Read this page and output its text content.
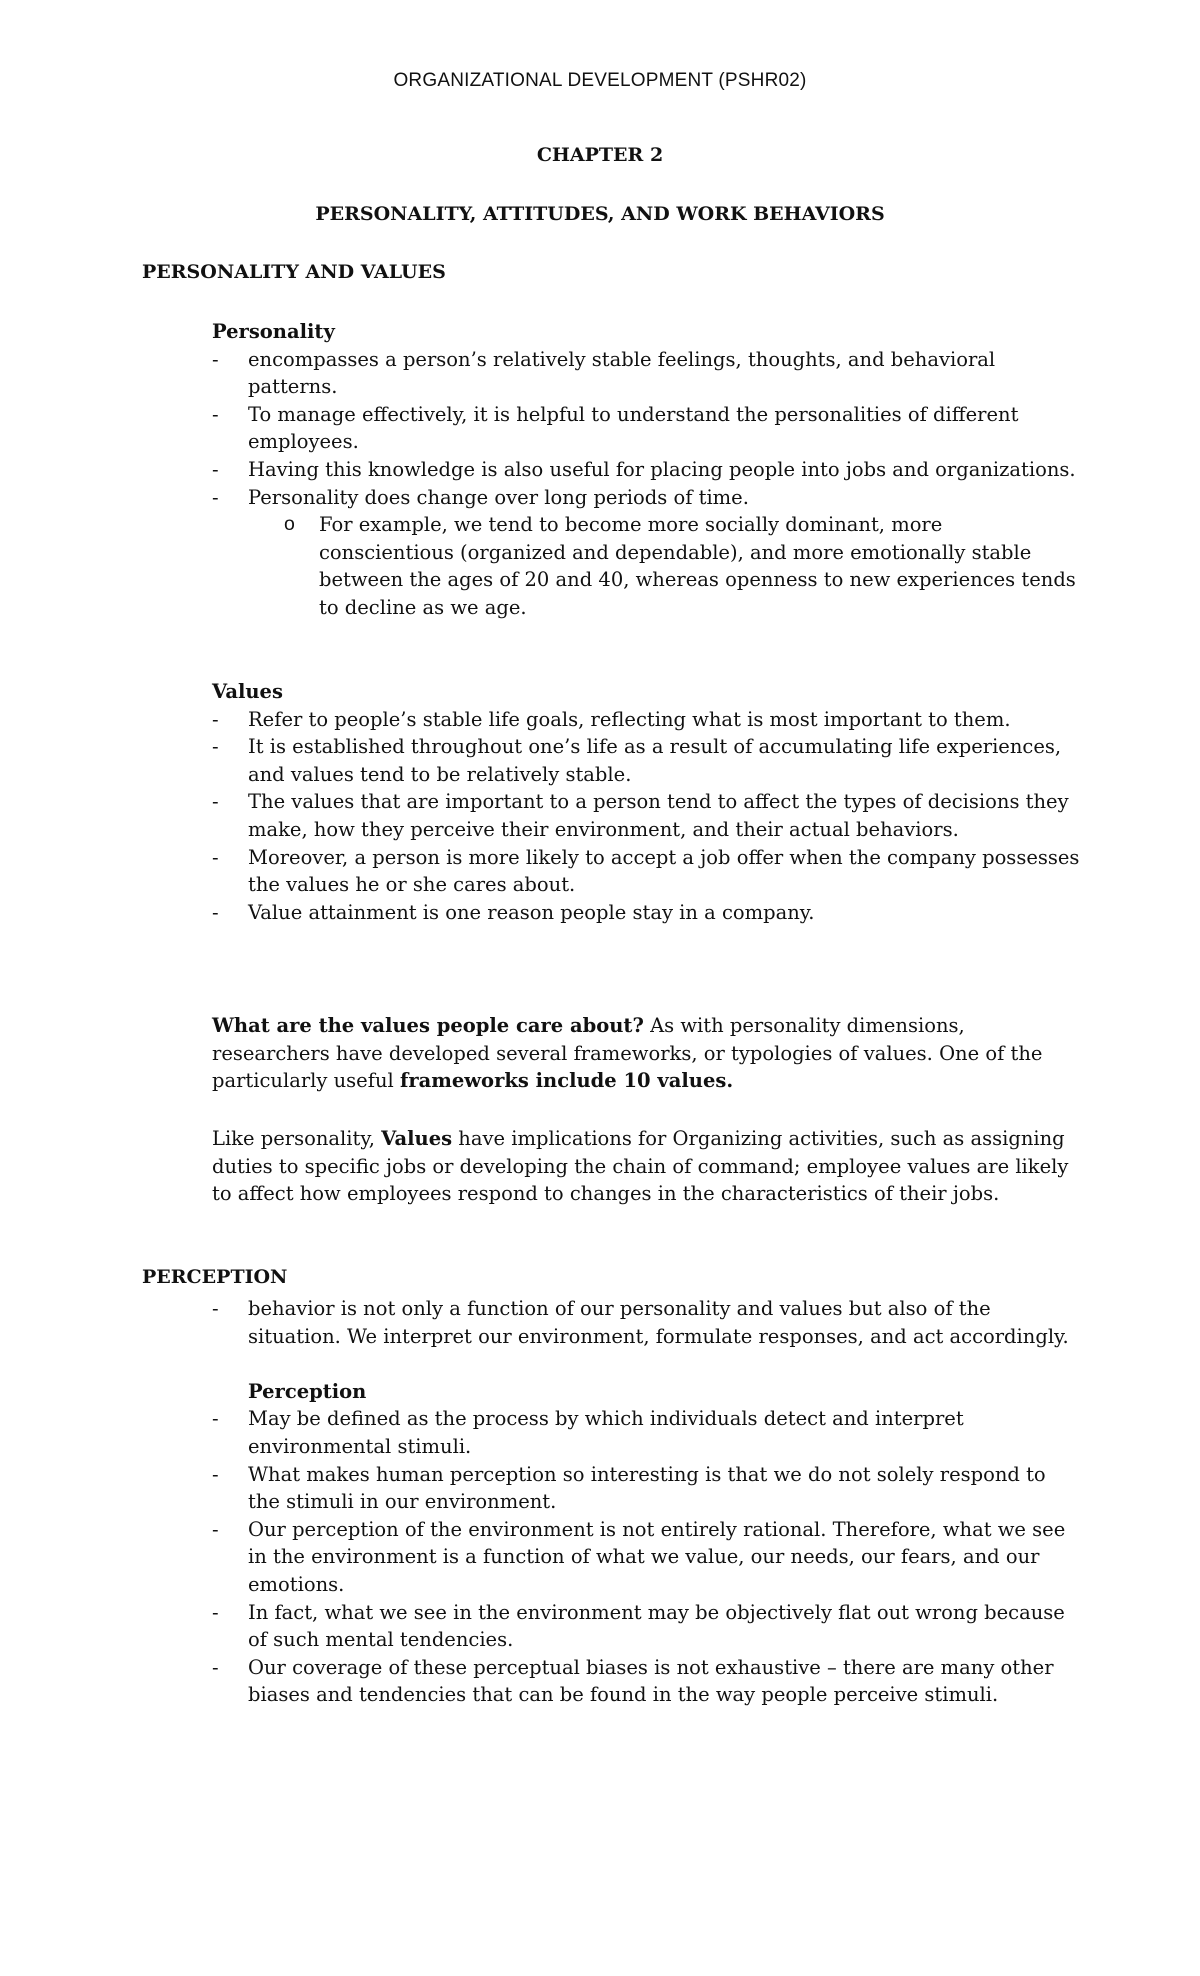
ORGANIZATIONAL DEVELOPMENT (PSHR02)
CHAPTER 2
PERSONALITY, ATTITUDES, AND WORK BEHAVIORS
PERSONALITY AND VALUES
Personality
- encompasses a person’s relatively stable feelings, thoughts, and behavioral patterns.
- To manage effectively, it is helpful to understand the personalities of different employees.
- Having this knowledge is also useful for placing people into jobs and organizations.
- Personality does change over long periods of time.
o For example, we tend to become more socially dominant, more conscientious (organized and dependable), and more emotionally stable between the ages of 20 and 40, whereas openness to new experiences tends to decline as we age.
Values
- Refer to people’s stable life goals, reflecting what is most important to them.
- It is established throughout one’s life as a result of accumulating life experiences, and values tend to be relatively stable.
- The values that are important to a person tend to affect the types of decisions they make, how they perceive their environment, and their actual behaviors.
- Moreover, a person is more likely to accept a job offer when the company possesses the values he or she cares about.
- Value attainment is one reason people stay in a company.

What are the values people care about? As with personality dimensions, researchers have developed several frameworks, or typologies of values. One of the particularly useful frameworks include 10 values.

Like personality, Values have implications for Organizing activities, such as assigning duties to specific jobs or developing the chain of command; employee values are likely to affect how employees respond to changes in the characteristics of their jobs.

PERCEPTION
- behavior is not only a function of our personality and values but also of the situation. We interpret our environment, formulate responses, and act accordingly.
Perception
- May be defined as the process by which individuals detect and interpret environmental stimuli.
- What makes human perception so interesting is that we do not solely respond to the stimuli in our environment.
- Our perception of the environment is not entirely rational. Therefore, what we see in the environment is a function of what we value, our needs, our fears, and our emotions.
- In fact, what we see in the environment may be objectively flat out wrong because of such mental tendencies.
- Our coverage of these perceptual biases is not exhaustive – there are many other biases and tendencies that can be found in the way people perceive stimuli.
